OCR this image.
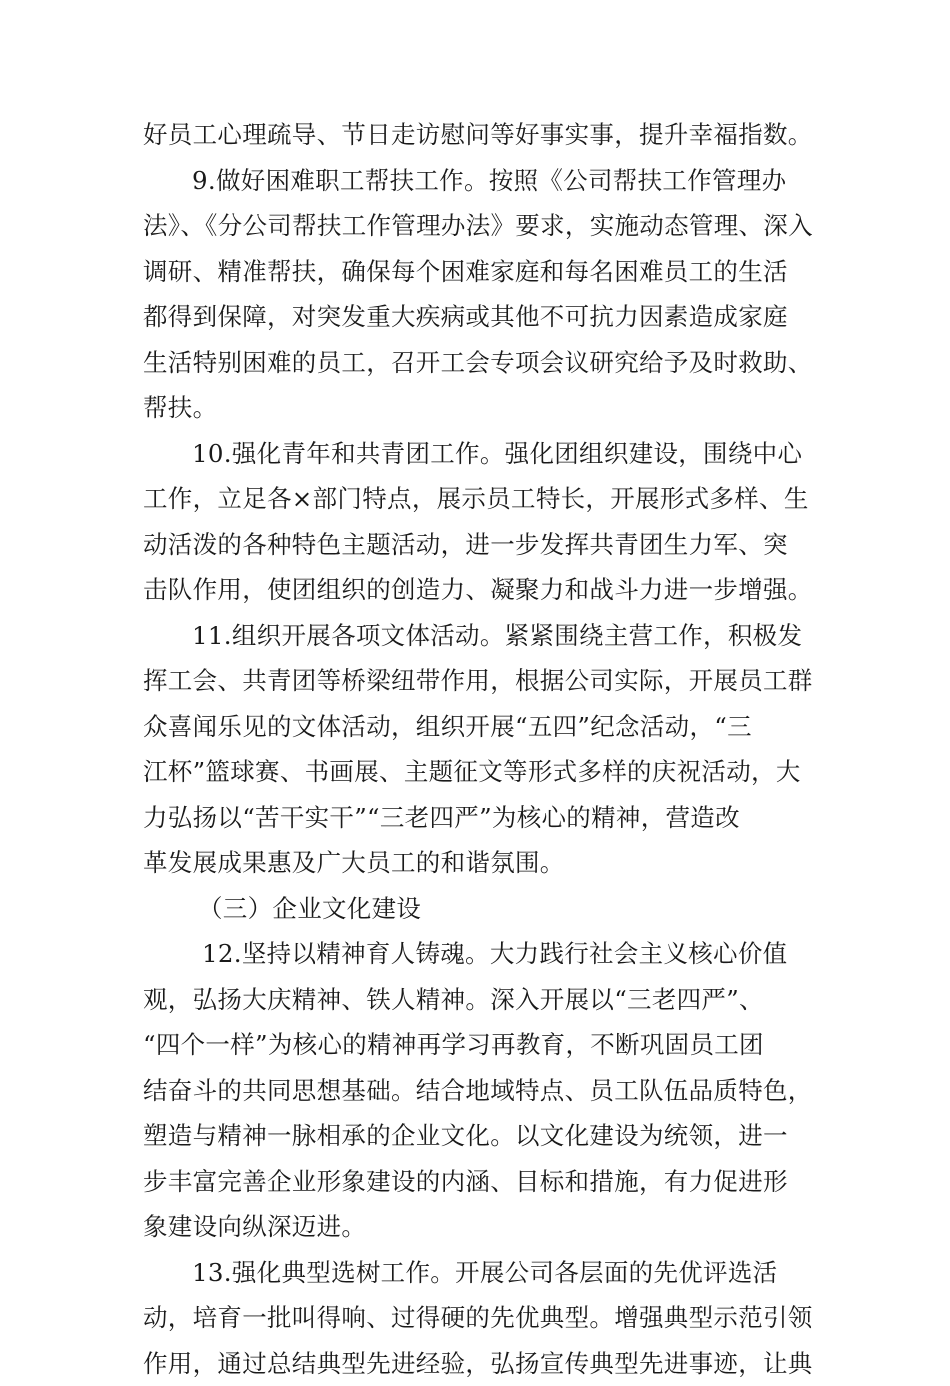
好员工心理疏导、节日走访慰问等好事实事，提升幸福指数。
9.做好困难职工帮扶工作。按照《公司帮扶工作管理办
法》、《分公司帮扶工作管理办法》要求，实施动态管理、深入
调研、精准帮扶，确保每个困难家庭和每名困难员工的生活
都得到保障，对突发重大疾病或其他不可抗力因素造成家庭
生活特别困难的员工，召开工会专项会议研究给予及时救助、
帮扶。
10.强化青年和共青团工作。强化团组织建设，围绕中心
工作，立足各×部门特点，展示员工特长，开展形式多样、生
动活泼的各种特色主题活动，进一步发挥共青团生力军、突
击队作用，使团组织的创造力、凝聚力和战斗力进一步增强。
11.组织开展各项文体活动。紧紧围绕主营工作，积极发
挥工会、共青团等桥梁纽带作用，根据公司实际，开展员工群
众喜闻乐见的文体活动，组织开展“五四”纪念活动，“三
江杯”篮球赛、书画展、主题征文等形式多样的庆祝活动，大
力弘扬以“苦干实干”“三老四严”为核心的精神，营造改
革发展成果惠及广大员工的和谐氛围。
（三）企业文化建设
12.坚持以精神育人铸魂。大力践行社会主义核心价值
观，弘扬大庆精神、铁人精神。深入开展以“三老四严”、
“四个一样”为核心的精神再学习再教育，不断巩固员工团
结奋斗的共同思想基础。结合地域特点、员工队伍品质特色，
塑造与精神一脉相承的企业文化。以文化建设为统领，进一
步丰富完善企业形象建设的内涵、目标和措施，有力促进形
象建设向纵深迈进。
13.强化典型选树工作。开展公司各层面的先优评选活
动，培育一批叫得响、过得硬的先优典型。增强典型示范引领
作用，通过总结典型先进经验，弘扬宣传典型先进事迹，让典
